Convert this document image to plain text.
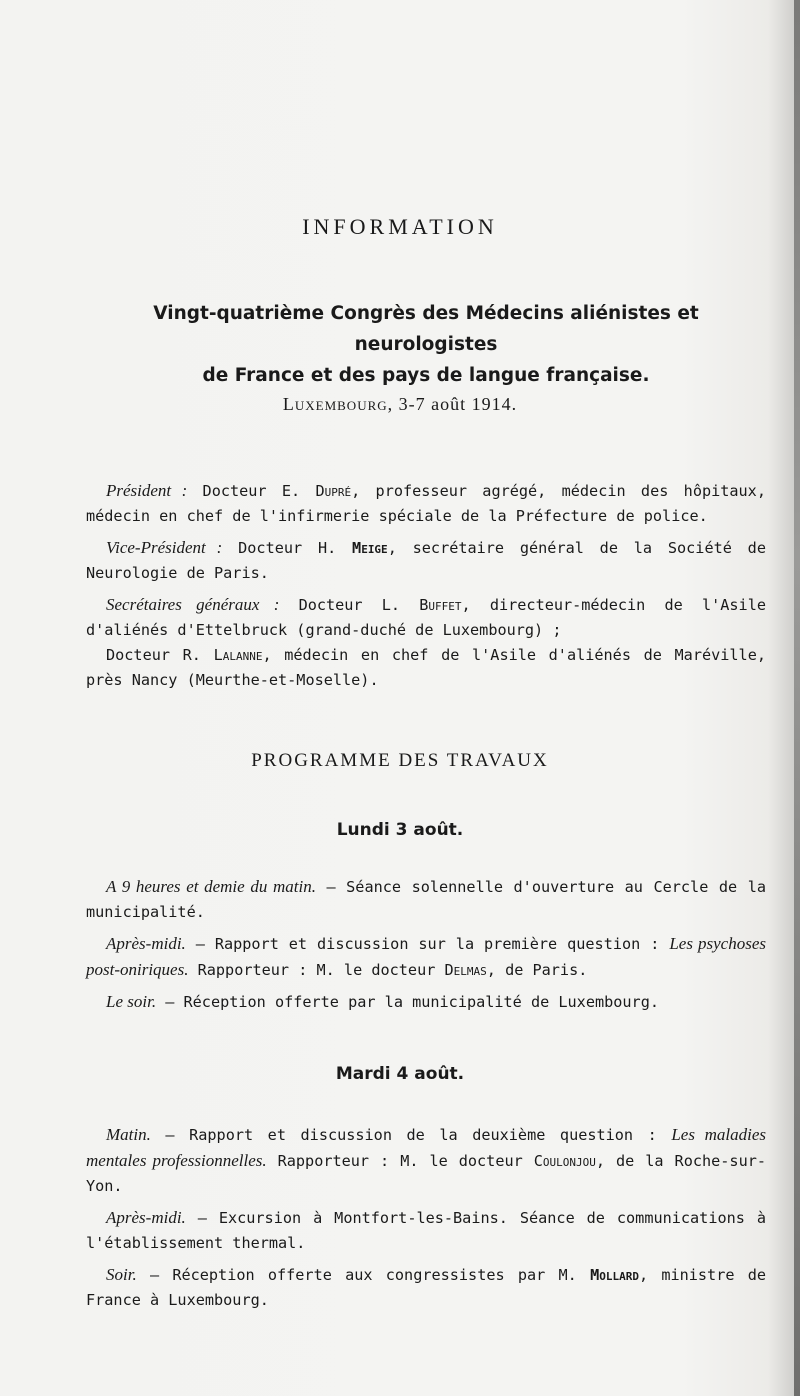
INFORMATION
Vingt-quatrième Congrès des Médecins aliénistes et neurologistes
de France et des pays de langue française.
Luxembourg, 3-7 août 1914.

Président : Docteur E. Dupré, professeur agrégé, médecin des hôpitaux, médecin en chef de l'infirmerie spéciale de la Préfecture de police.

Vice-Président : Docteur H. Meige, secrétaire général de la Société de Neurologie de Paris.

Secrétaires généraux : Docteur L. Buffet, directeur-médecin de l'Asile d'aliénés d'Ettelbruck (grand-duché de Luxembourg) ;

Docteur R. Lalanne, médecin en chef de l'Asile d'aliénés de Maréville, près Nancy (Meurthe-et-Moselle).

PROGRAMME DES TRAVAUX
Lundi 3 août.

A 9 heures et demie du matin. — Séance solennelle d'ouverture au Cercle de la municipalité.

Après-midi. — Rapport et discussion sur la première question : Les psychoses post-oniriques. Rapporteur : M. le docteur Delmas, de Paris.

Le soir. — Réception offerte par la municipalité de Luxembourg.

Mardi 4 août.

Matin. — Rapport et discussion de la deuxième question : Les maladies mentales professionnelles. Rapporteur : M. le docteur Coulonjou, de la Roche-sur-Yon.

Après-midi. — Excursion à Montfort-les-Bains. Séance de communications à l'établissement thermal.

Soir. — Réception offerte aux congressistes par M. Mollard, ministre de France à Luxembourg.
